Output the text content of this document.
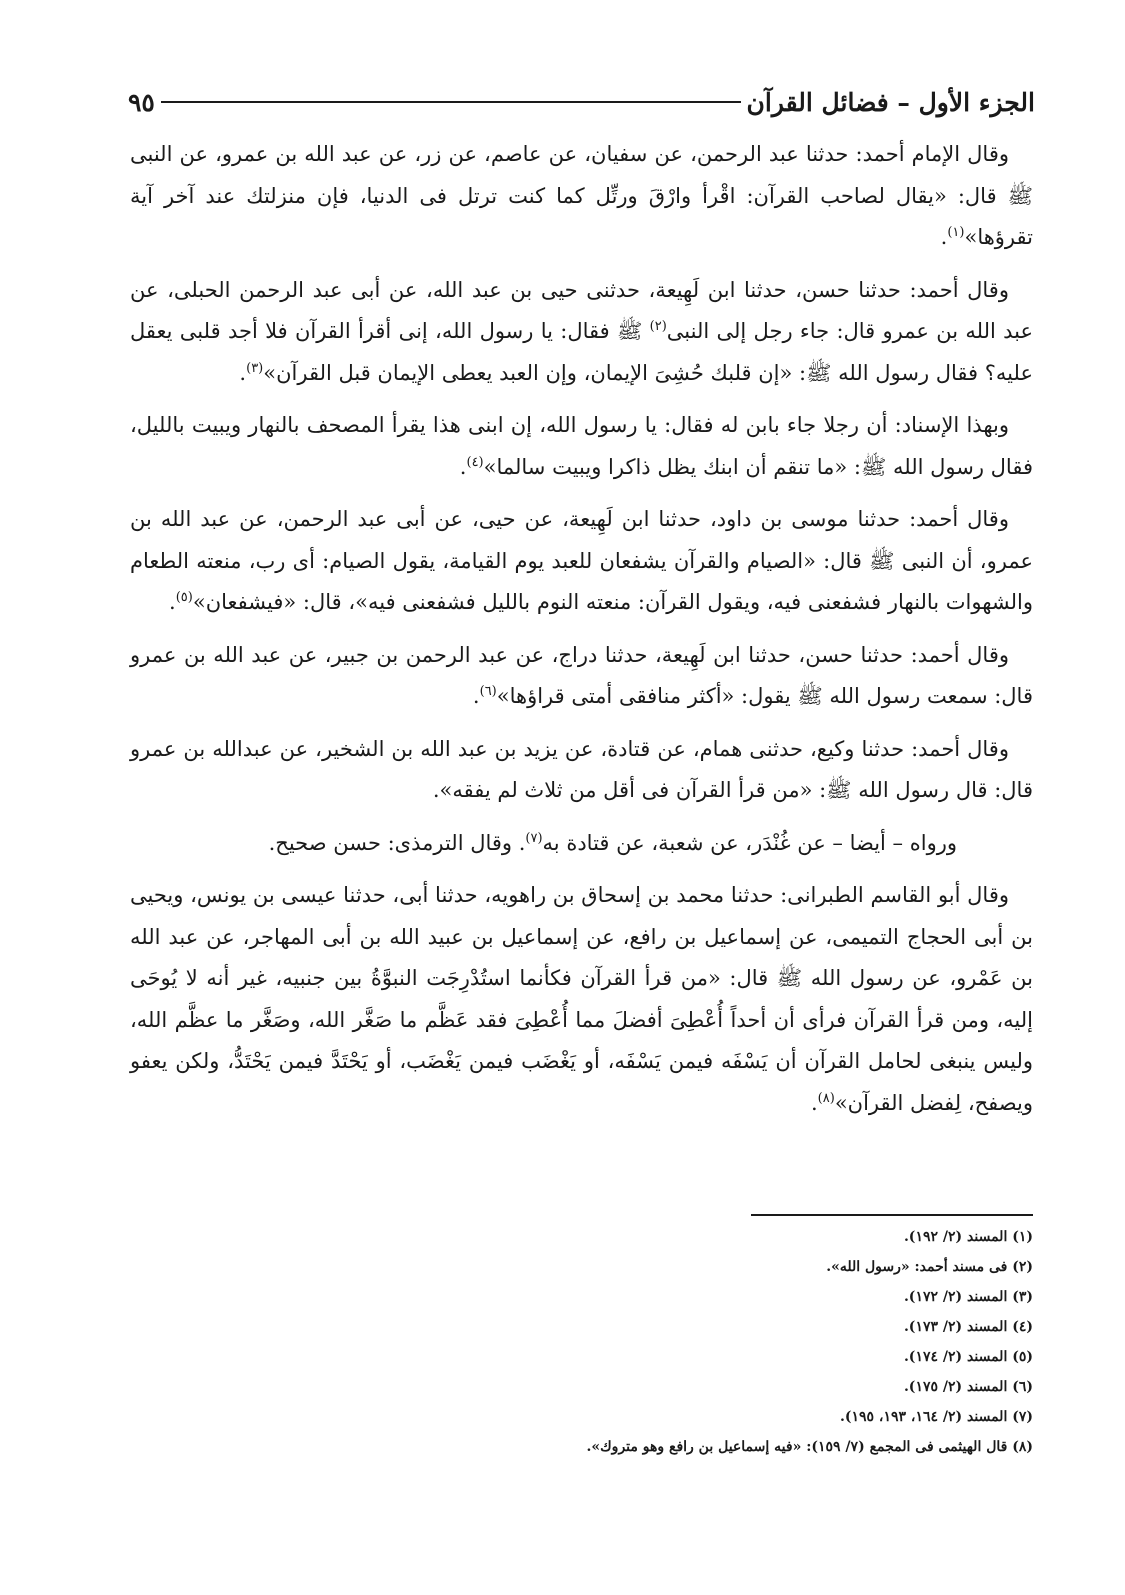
الجزء الأول – فضائل القرآن
٩٥

وقال الإمام أحمد: حدثنا عبد الرحمن، عن سفيان، عن عاصم، عن زر، عن عبد الله بن عمرو، عن النبى ﷺ قال: «يقال لصاحب القرآن: اقْرأ وارْقَ ورتِّل كما كنت ترتل فى الدنيا، فإن منزلتك عند آخر آية تقرؤها»$^{(١)}$.

وقال أحمد: حدثنا حسن، حدثنا ابن لَهِيعة، حدثنى حيى بن عبد الله، عن أبى عبد الرحمن الحبلى، عن عبد الله بن عمرو قال: جاء رجل إلى النبى$^{(٢)}$ ﷺ فقال: يا رسول الله، إنى أقرأ القرآن فلا أجد قلبى يعقل عليه؟ فقال رسول الله ﷺ: «إن قلبك حُشِىَ الإيمان، وإن العبد يعطى الإيمان قبل القرآن»$^{(٣)}$.

وبهذا الإسناد: أن رجلا جاء بابن له فقال: يا رسول الله، إن ابنى هذا يقرأ المصحف بالنهار ويبيت بالليل، فقال رسول الله ﷺ: «ما تنقم أن ابنك يظل ذاكرا ويبيت سالما»$^{(٤)}$.

وقال أحمد: حدثنا موسى بن داود، حدثنا ابن لَهِيعة، عن حيى، عن أبى عبد الرحمن، عن عبد الله بن عمرو، أن النبى ﷺ قال: «الصيام والقرآن يشفعان للعبد يوم القيامة، يقول الصيام: أى رب، منعته الطعام والشهوات بالنهار فشفعنى فيه، ويقول القرآن: منعته النوم بالليل فشفعنى فيه»، قال: «فيشفعان»$^{(٥)}$.

وقال أحمد: حدثنا حسن، حدثنا ابن لَهِيعة، حدثنا دراج، عن عبد الرحمن بن جبير، عن عبد الله بن عمرو قال: سمعت رسول الله ﷺ يقول: «أكثر منافقى أمتى قراؤها»$^{(٦)}$.

وقال أحمد: حدثنا وكيع، حدثنى همام، عن قتادة، عن يزيد بن عبد الله بن الشخير، عن عبدالله بن عمرو قال: قال رسول الله ﷺ: «من قرأ القرآن فى أقل من ثلاث لم يفقه».

ورواه – أيضا – عن غُنْدَر، عن شعبة، عن قتادة به$^{(٧)}$. وقال الترمذى: حسن صحيح.

وقال أبو القاسم الطبرانى: حدثنا محمد بن إسحاق بن راهويه، حدثنا أبى، حدثنا عيسى بن يونس، ويحيى بن أبى الحجاج التميمى، عن إسماعيل بن رافع، عن إسماعيل بن عبيد الله بن أبى المهاجر، عن عبد الله بن عَمْرو، عن رسول الله ﷺ قال: «من قرأ القرآن فكأنما استُدْرِجَت النبوَّةُ بين جنبيه، غير أنه لا يُوحَى إليه، ومن قرأ القرآن فرأى أن أحداً أُعْطِىَ أفضلَ مما أُعْطِىَ فقد عَظَّم ما صَغَّر الله، وصَغَّر ما عظَّم الله، وليس ينبغى لحامل القرآن أن يَسْفَه فيمن يَسْفَه، أو يَغْضَب فيمن يَغْضَب، أو يَحْتَدَّ فيمن يَحْتَدُّ، ولكن يعفو ويصفح، لِفضل القرآن»$^{(٨)}$.

(١) المسند (٢/ ١٩٢).
(٢) فى مسند أحمد: «رسول الله».
(٣) المسند (٢/ ١٧٢).
(٤) المسند (٢/ ١٧٣).
(٥) المسند (٢/ ١٧٤).
(٦) المسند (٢/ ١٧٥).
(٧) المسند (٢/ ١٦٤، ١٩٣، ١٩٥).
(٨) قال الهيثمى فى المجمع (٧/ ١٥٩): «فيه إسماعيل بن رافع وهو متروك».
